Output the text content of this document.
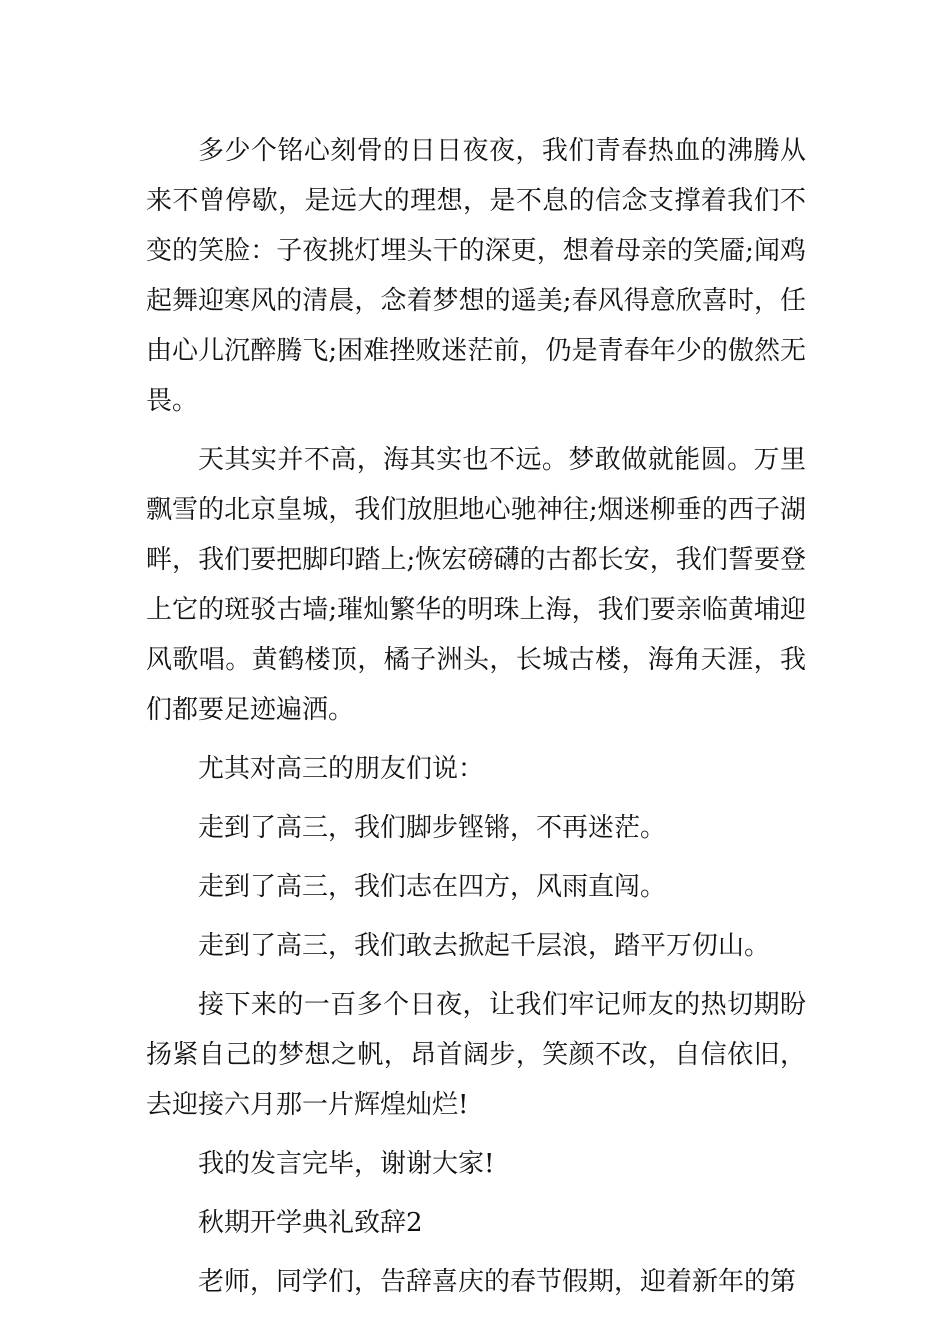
多少个铭心刻骨的日日夜夜，我们青春热血的沸腾从来不曾停歇，是远大的理想，是不息的信念支撑着我们不变的笑脸：子夜挑灯埋头干的深更，想着母亲的笑靥;闻鸡起舞迎寒风的清晨，念着梦想的遥美;春风得意欣喜时，任由心儿沉醉腾飞;困难挫败迷茫前，仍是青春年少的傲然无畏。

天其实并不高，海其实也不远。梦敢做就能圆。万里飘雪的北京皇城，我们放胆地心驰神往;烟迷柳垂的西子湖畔，我们要把脚印踏上;恢宏磅礴的古都长安，我们誓要登上它的斑驳古墙;璀灿繁华的明珠上海，我们要亲临黄埔迎风歌唱。黄鹤楼顶，橘子洲头，长城古楼，海角天涯，我们都要足迹遍洒。

尤其对高三的朋友们说：

走到了高三，我们脚步铿锵，不再迷茫。

走到了高三，我们志在四方，风雨直闯。

走到了高三，我们敢去掀起千层浪，踏平万仞山。

接下来的一百多个日夜，让我们牢记师友的热切期盼扬紧自己的梦想之帆，昂首阔步，笑颜不改，自信依旧，去迎接六月那一片辉煌灿烂!

我的发言完毕，谢谢大家!

秋期开学典礼致辞2

老师，同学们，告辞喜庆的春节假期，迎着新年的第
